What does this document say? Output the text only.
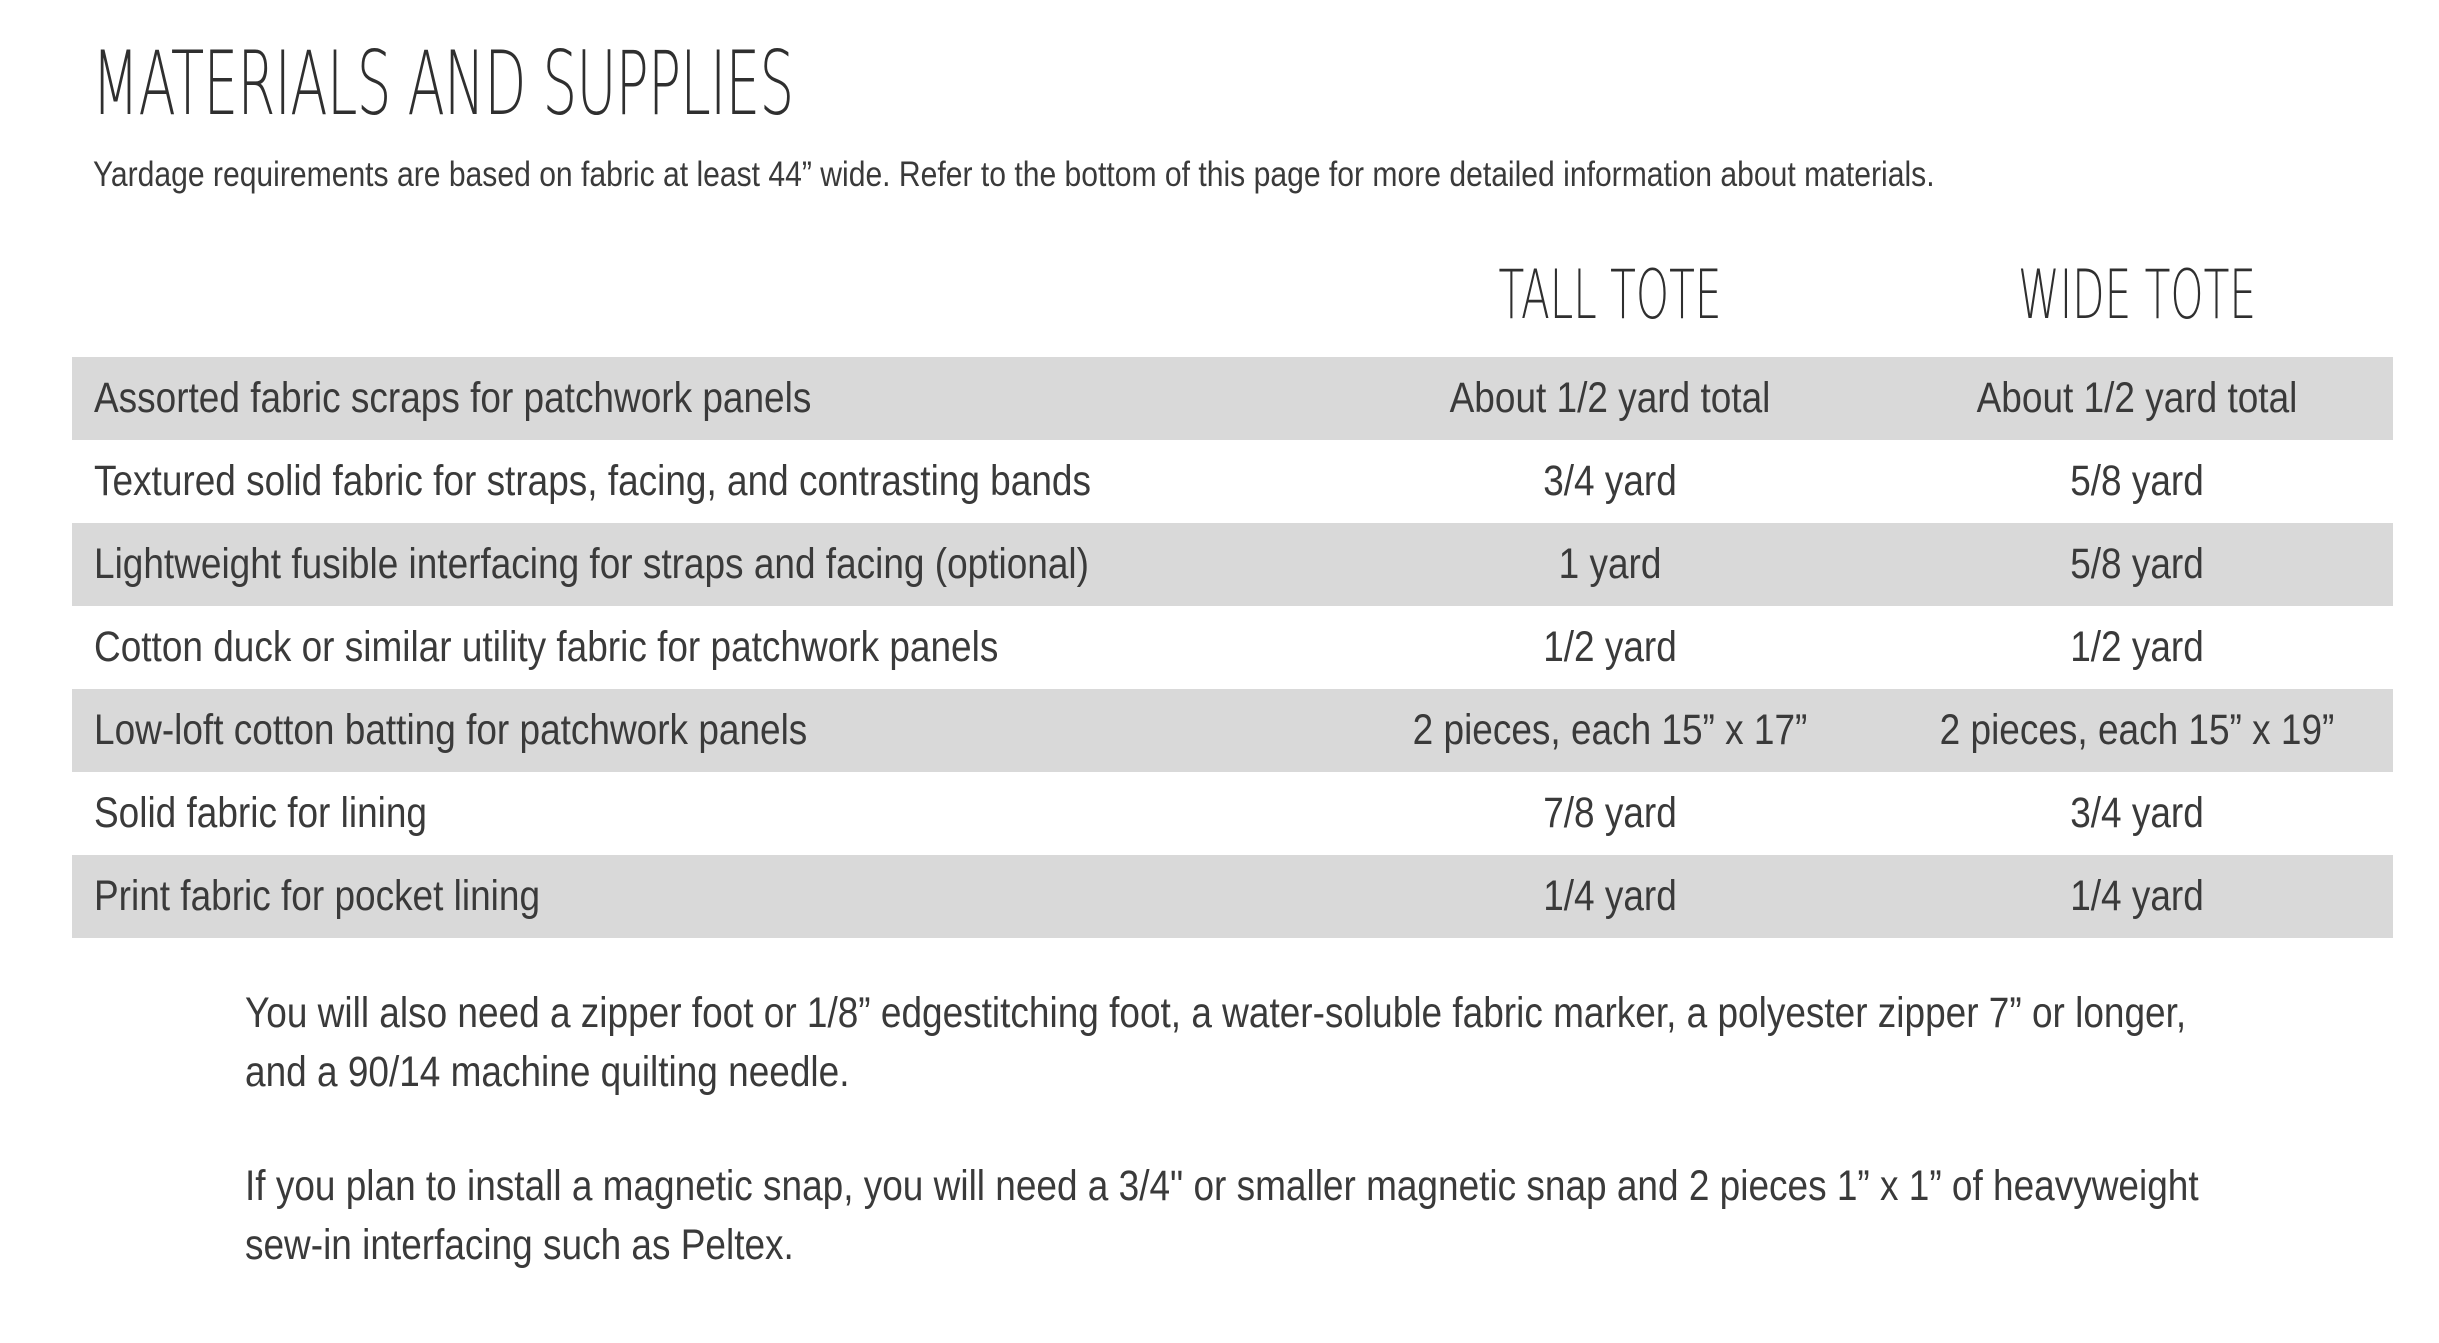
MATERIALS AND SUPPLIES
Yardage requirements are based on fabric at least 44” wide. Refer to the bottom of this page for more detailed information about materials.
TALL TOTE	WIDE TOTE
Assorted fabric scraps for patchwork panels	About 1/2 yard total	About 1/2 yard total
Textured solid fabric for straps, facing, and contrasting bands	3/4 yard	5/8 yard
Lightweight fusible interfacing for straps and facing (optional)	1 yard	5/8 yard
Cotton duck or similar utility fabric for patchwork panels	1/2 yard	1/2 yard
Low-loft cotton batting for patchwork panels	2 pieces, each 15” x 17”	2 pieces, each 15” x 19”
Solid fabric for lining	7/8 yard	3/4 yard
Print fabric for pocket lining	1/4 yard	1/4 yard
You will also need a zipper foot or 1/8” edgestitching foot, a water-soluble fabric marker, a polyester zipper 7” or longer,
and a 90/14 machine quilting needle.
If you plan to install a magnetic snap, you will need a 3/4" or smaller magnetic snap and 2 pieces 1” x 1” of heavyweight
sew-in interfacing such as Peltex.
